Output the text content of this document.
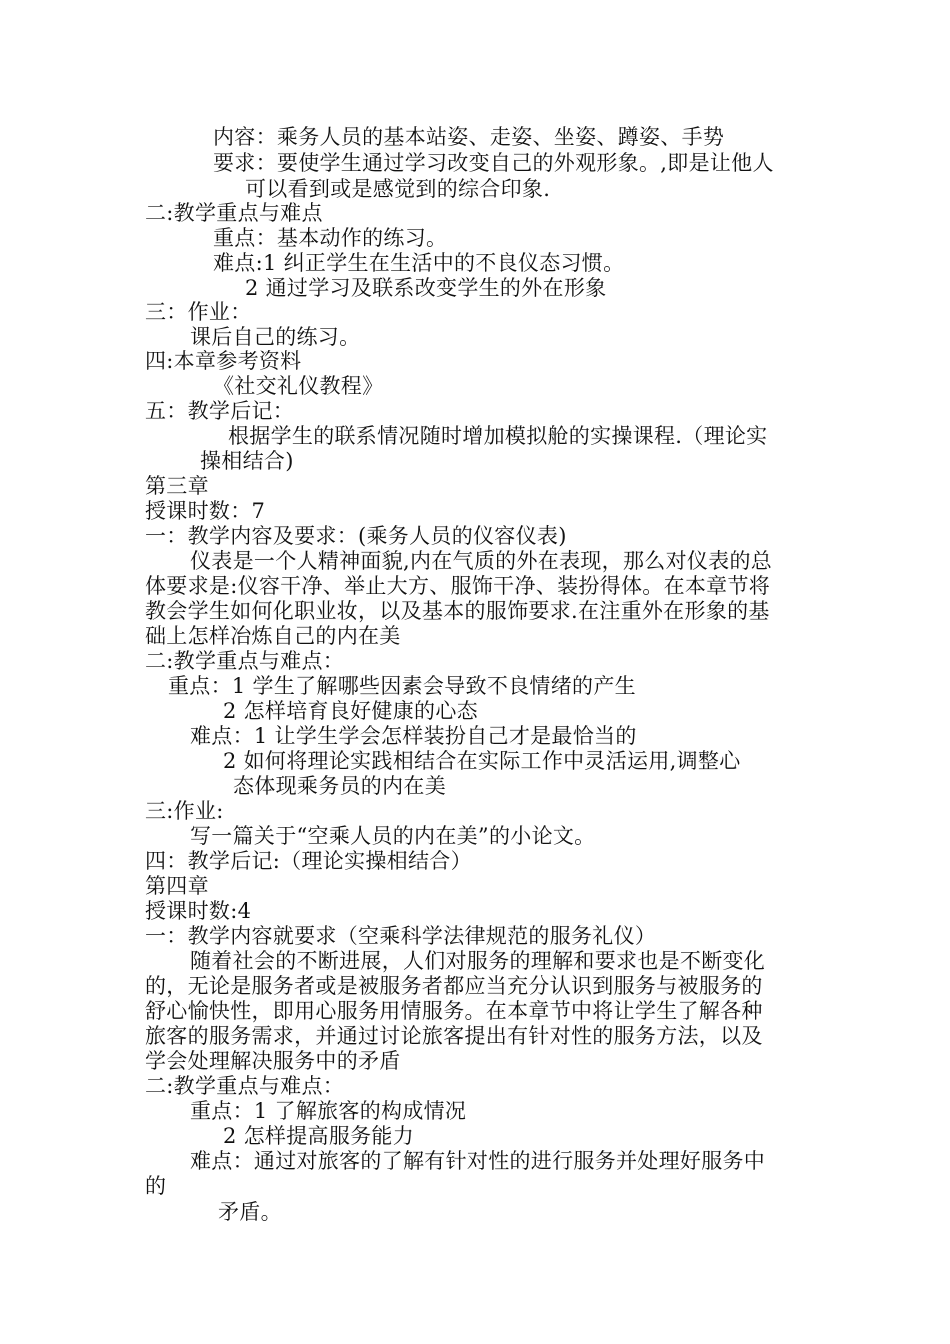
内容：乘务人员的基本站姿、走姿、坐姿、蹲姿、手势
要求：要使学生通过学习改变自己的外观形象。,即是让他人
可以看到或是感觉到的综合印象.
二:教学重点与难点
重点：基本动作的练习。
难点:1 纠正学生在生活中的不良仪态习惯。
2 通过学习及联系改变学生的外在形象
三：作业：
课后自己的练习。
四:本章参考资料
《社交礼仪教程》
五：教学后记：
根据学生的联系情况随时增加模拟舱的实操课程.（理论实
操相结合)
第三章
授课时数：7
一：教学内容及要求：(乘务人员的仪容仪表)
仪表是一个人精神面貌,内在气质的外在表现，那么对仪表的总
体要求是:仪容干净、举止大方、服饰干净、装扮得体。在本章节将
教会学生如何化职业妆，以及基本的服饰要求.在注重外在形象的基
础上怎样冶炼自己的内在美
二:教学重点与难点：
重点：1 学生了解哪些因素会导致不良情绪的产生
2 怎样培育良好健康的心态
难点：1 让学生学会怎样装扮自己才是最恰当的
2 如何将理论实践相结合在实际工作中灵活运用,调整心
态体现乘务员的内在美
三:作业:
写一篇关于“空乘人员的内在美”的小论文。
四：教学后记:（理论实操相结合）
第四章
授课时数:4
一：教学内容就要求（空乘科学法律规范的服务礼仪）
随着社会的不断进展，人们对服务的理解和要求也是不断变化
的，无论是服务者或是被服务者都应当充分认识到服务与被服务的
舒心愉快性，即用心服务用情服务。在本章节中将让学生了解各种
旅客的服务需求，并通过讨论旅客提出有针对性的服务方法，以及
学会处理解决服务中的矛盾
二:教学重点与难点：
重点：1 了解旅客的构成情况
2 怎样提高服务能力
难点：通过对旅客的了解有针对性的进行服务并处理好服务中
的
矛盾。
